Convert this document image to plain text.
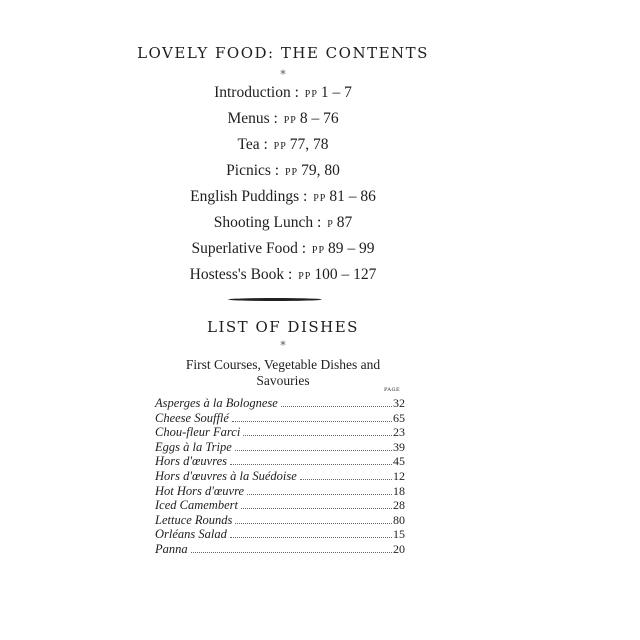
LOVELY FOOD: THE CONTENTS
*
Introduction : PP 1 – 7
Menus : PP 8 – 76
Tea : PP 77, 78
Picnics : PP 79, 80
English Puddings : PP 81 – 86
Shooting Lunch : P 87
Superlative Food : PP 89 – 99
Hostess's Book : PP 100 – 127
LIST OF DISHES
*
First Courses, Vegetable Dishes and
Savouries
PAGE
Asperges à la Bolognese	32
Cheese Soufflé	65
Chou-fleur Farci	23
Eggs à la Tripe	39
Hors d'œuvres	45
Hors d'œuvres à la Suédoise	12
Hot Hors d'œuvre	18
Iced Camembert	28
Lettuce Rounds	80
Orléans Salad	15
Panna	20
